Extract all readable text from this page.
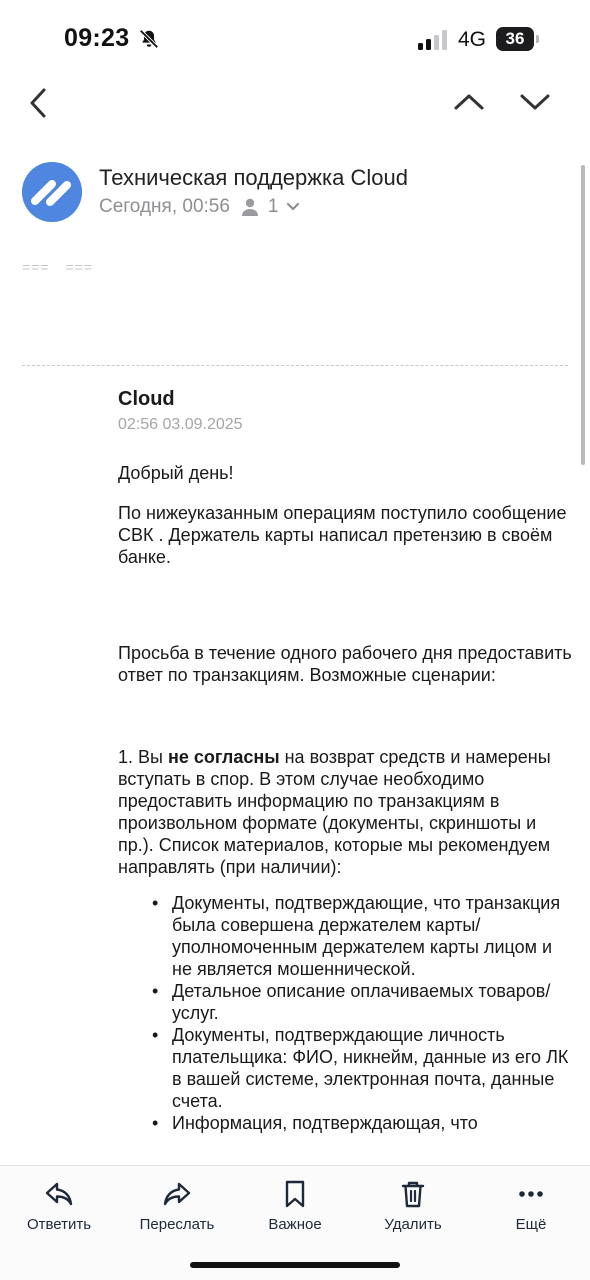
09:23	4G	36
Техническая поддержка Cloud
Сегодня, 00:56 1
=== ===
Cloud
02:56 03.09.2025
Добрый день!
По нижеуказанным операциям поступило сообщение СВК . Держатель карты написал претензию в своём банке.
Просьба в течение одного рабочего дня предоставить ответ по транзакциям. Возможные сценарии:
1. Вы не согласны на возврат средств и намерены вступать в спор. В этом случае необходимо предоставить информацию по транзакциям в произвольном формате (документы, скриншоты и пр.). Список материалов, которые мы рекомендуем направлять (при наличии):
• Документы, подтверждающие, что транзакция была совершена держателем карты/уполномоченным держателем карты лицом и не является мошеннической.
• Детальное описание оплачиваемых товаров/услуг.
• Документы, подтверждающие личность плательщика: ФИО, никнейм, данные из его ЛК в вашей системе, электронная почта, данные счета.
• Информация, подтверждающая, что
Ответить	Переслать	Важное	Удалить	Ещё
